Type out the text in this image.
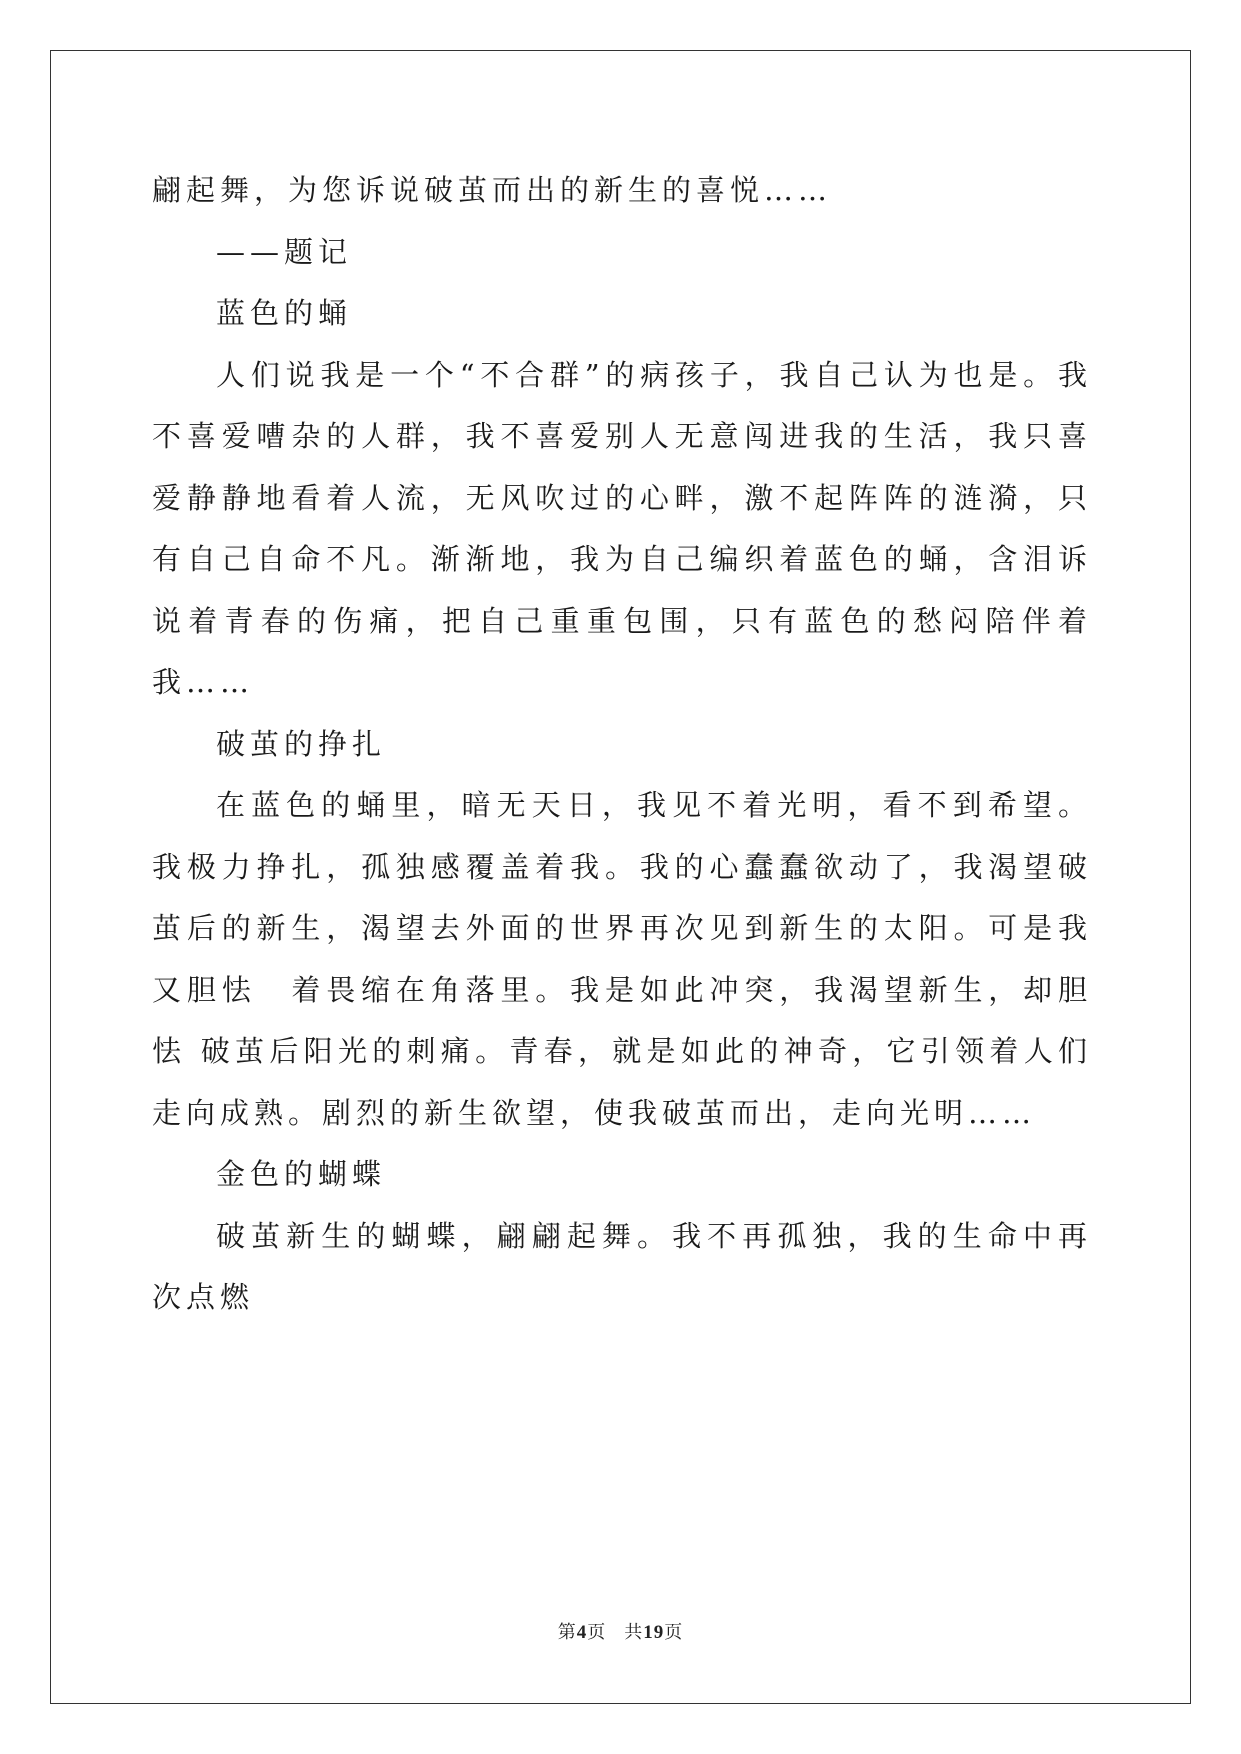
翩起舞，为您诉说破茧而出的新生的喜悦……

——题记

蓝色的蛹

人们说我是一个“不合群”的病孩子，我自己认为也是。我不喜爱嘈杂的人群，我不喜爱别人无意闯进我的生活，我只喜爱静静地看着人流，无风吹过的心畔，激不起阵阵的涟漪，只有自己自命不凡。渐渐地，我为自己编织着蓝色的蛹，含泪诉说着青春的伤痛，把自己重重包围，只有蓝色的愁闷陪伴着我……

破茧的挣扎

在蓝色的蛹里，暗无天日，我见不着光明，看不到希望。我极力挣扎，孤独感覆盖着我。我的心蠢蠢欲动了，我渴望破茧后的新生，渴望去外面的世界再次见到新生的太阳。可是我又胆怯　着畏缩在角落里。我是如此冲突，我渴望新生，却胆怯 破茧后阳光的刺痛。青春，就是如此的神奇，它引领着人们走向成熟。剧烈的新生欲望，使我破茧而出，走向光明……

金色的蝴蝶

破茧新生的蝴蝶，翩翩起舞。我不再孤独，我的生命中再次点燃

第4页 共19页
